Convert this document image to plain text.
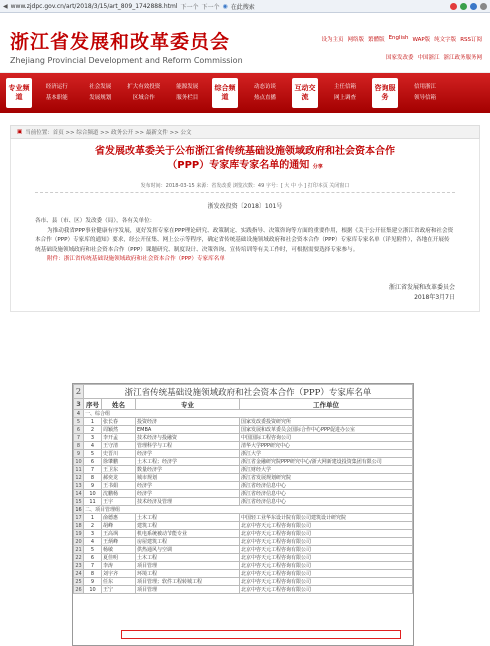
◀ www.zjdpc.gov.cn/art/2018/3/15/art_809_1742888.html 下一个 下一个 ◉ 在此搜索
浙江省发展和改革委员会
Zhejiang Provincial Development and Reform Commission
设为主页 网络版 繁體版 English WAP版 纯文字版 RSS订阅
国家发改委 中国浙江 浙江政务服务网
专业频道
经济运行	社会发展	扩大有效投资	能源发展
基本职能	发展规划	区域合作	服务栏目
综合频道
动态访谈
热点直播
互动交流
主任信箱
网上调查
咨询服务
信用浙江
领导信箱
▣ 当前位置：首页 >> 综合频道 >> 政务公开 >> 最新文件 >> 公文
省发展改革委关于公布浙江省传统基础设施领域政府和社会资本合作
（PPP）专家库专家名单的通知 分享
发布时间：2018-03-15 来源：省发改委 浏览次数：49 字号：[ 大 中 小 ] 打印本页 关闭窗口
浙发改投资〔2018〕101号
各市、县（市、区）发改委（局），各有关单位：

为推动我省PPP事业健康有序发展，更好发挥专家在PPP理论研究、政策制定、实践指导、决策咨询等方面的重要作用，根据《关于公开征集建立浙江省政府和社会资本合作（PPP）专家库的通知》要求，经公开征集、网上公示等程序，确定省传统基础设施领域政府和社会资本合作（PPP）专家库专家名单（详见附件），各地在开展传统基础设施领域政府和社会资本合作（PPP）课题研究、制度设计、决策咨询、宣传培训等有关工作时，可根据需要选择专家参与。

附件：浙江省传统基础设施领域政府和社会资本合作（PPP）专家库名单

浙江省发展和改革委员会
2018年3月7日
2	浙江省传统基础设施领域政府和社会资本合作（PPP）专家库名单			
3	序号	姓名	专业	工作单位
4	一、综合组			
5	1	张长春	投资经济	国家发改委投资研究所
6	2	周颖然	EMBA	国家发展和改革委员会国际合作中心PPP促进办公室
7	3	李开孟	技术经济与投融资	中国国际工程咨询公司
8	4	王守清	管理科学与工程	清华大学PPP研究中心
9	5	史晋川	经济学	浙江大学
10	6	徐肇鹏	土木工程；经济学	浙江省金融研究院PPP研究中心/浙大网新建设投资集团有限公司
11	7	王卫东	数量经济学	浙江财经大学
12	8	郝奕龙	城市规划	浙江省发展规划研究院
13	9	王书娟	经济学	浙江省经济信息中心
14	10	沈鹏杨	经济学	浙江省经济信息中心
15	11	王宇	技术经济及管理	浙江省经济信息中心
16	二、项目管理组			
17	1	俞德惠	土木工程	中国轻工业华东设计院有限公司建筑设计研究院
18	2	胡峰	建筑工程	北京中咨天元工程咨询有限公司
19	3	王高飒	机电系统被动节能专业	北京中咨天元工程咨询有限公司
20	4	王炳峰	房屋建筑工程	北京中咨天元工程咨询有限公司
21	5	杨敏	供热通风与空调	北京中咨天元工程咨询有限公司
22	6	夏佳明	土木工程	北京中咨天元工程咨询有限公司
23	7	李涛	项目管理	北京中咨天元工程咨询有限公司
24	8	刘宇齐	环境工程	北京中咨天元工程咨询有限公司
25	9	任东	项目管理；软件工程转城工程	北京中咨天元工程咨询有限公司
26	10	王宁	项目管理	北京中咨天元工程咨询有限公司
